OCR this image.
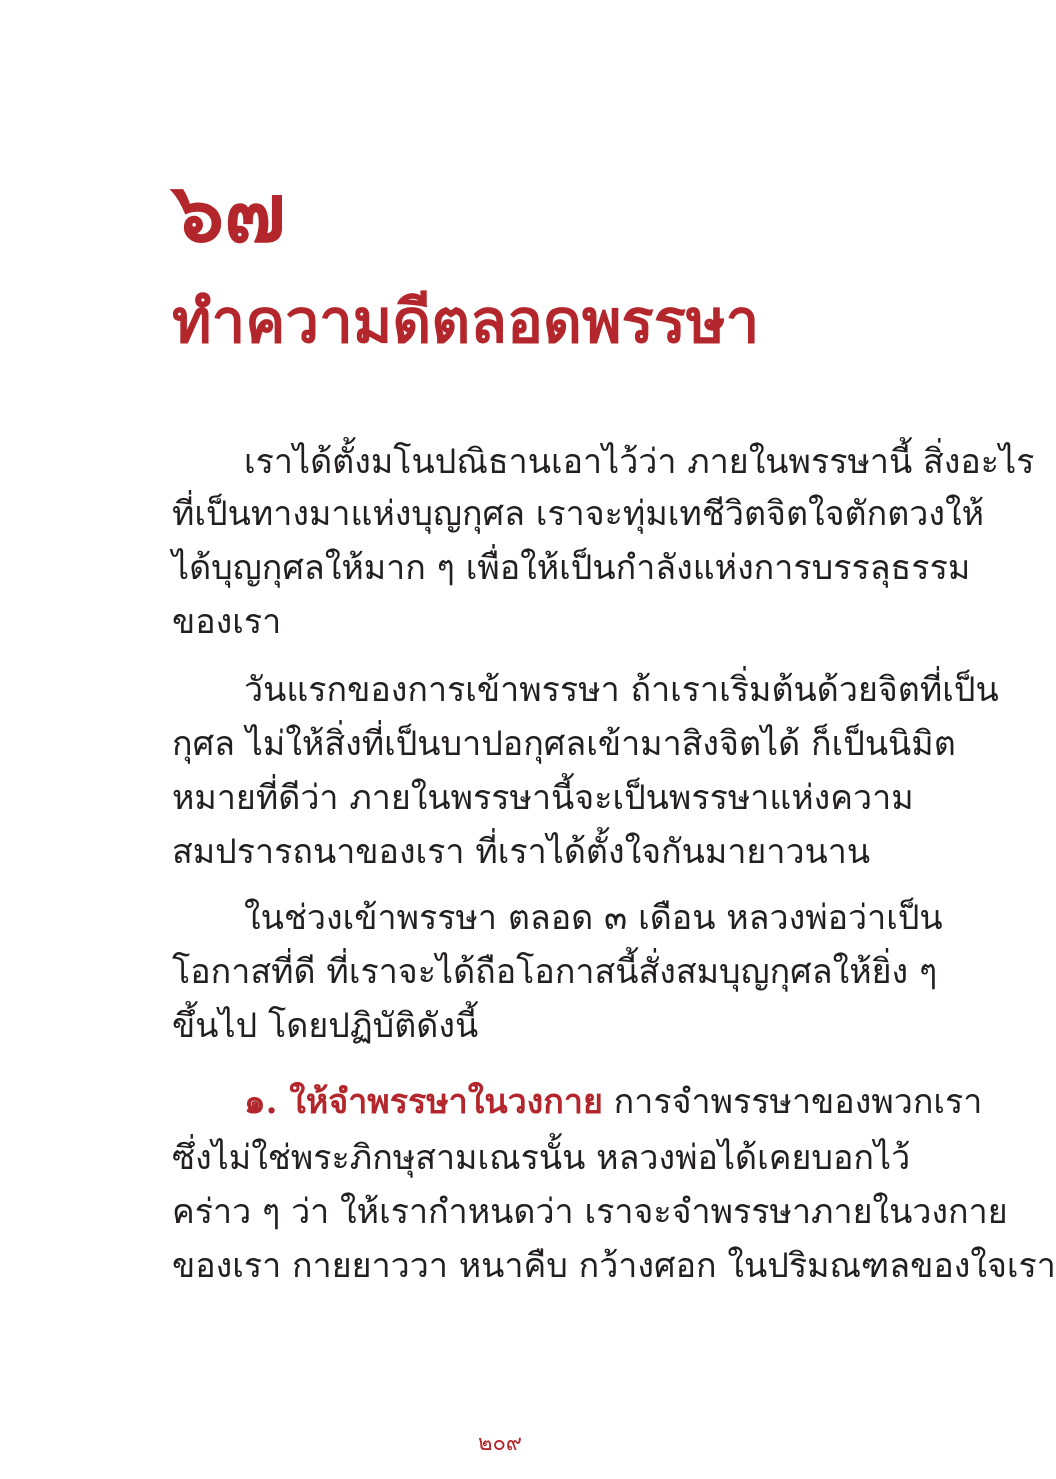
๖๗
ทำความดีตลอดพรรษา

เราได้ตั้งมโนปณิธานเอาไว้ว่า ภายในพรรษานี้ สิ่งอะไร

ที่เป็นทางมาแห่งบุญกุศล เราจะทุ่มเทชีวิตจิตใจตักตวงให้

ได้บุญกุศลให้มาก ๆ เพื่อให้เป็นกำลังแห่งการบรรลุธรรม

ของเรา

วันแรกของการเข้าพรรษา ถ้าเราเริ่มต้นด้วยจิตที่เป็น

กุศล ไม่ให้สิ่งที่เป็นบาปอกุศลเข้ามาสิงจิตได้ ก็เป็นนิมิต

หมายที่ดีว่า ภายในพรรษานี้จะเป็นพรรษาแห่งความ

สมปรารถนาของเรา ที่เราได้ตั้งใจกันมายาวนาน

ในช่วงเข้าพรรษา ตลอด ๓ เดือน หลวงพ่อว่าเป็น

โอกาสที่ดี ที่เราจะได้ถือโอกาสนี้สั่งสมบุญกุศลให้ยิ่ง ๆ

ขึ้นไป โดยปฏิบัติดังนี้

๑. ให้จำพรรษาในวงกาย การจำพรรษาของพวกเรา

ซึ่งไม่ใช่พระภิกษุสามเณรนั้น หลวงพ่อได้เคยบอกไว้

คร่าว ๆ ว่า ให้เรากำหนดว่า เราจะจำพรรษาภายในวงกาย

ของเรา กายยาววา หนาคืบ กว้างศอก ในปริมณฑลของใจเรา

๒๐๙
